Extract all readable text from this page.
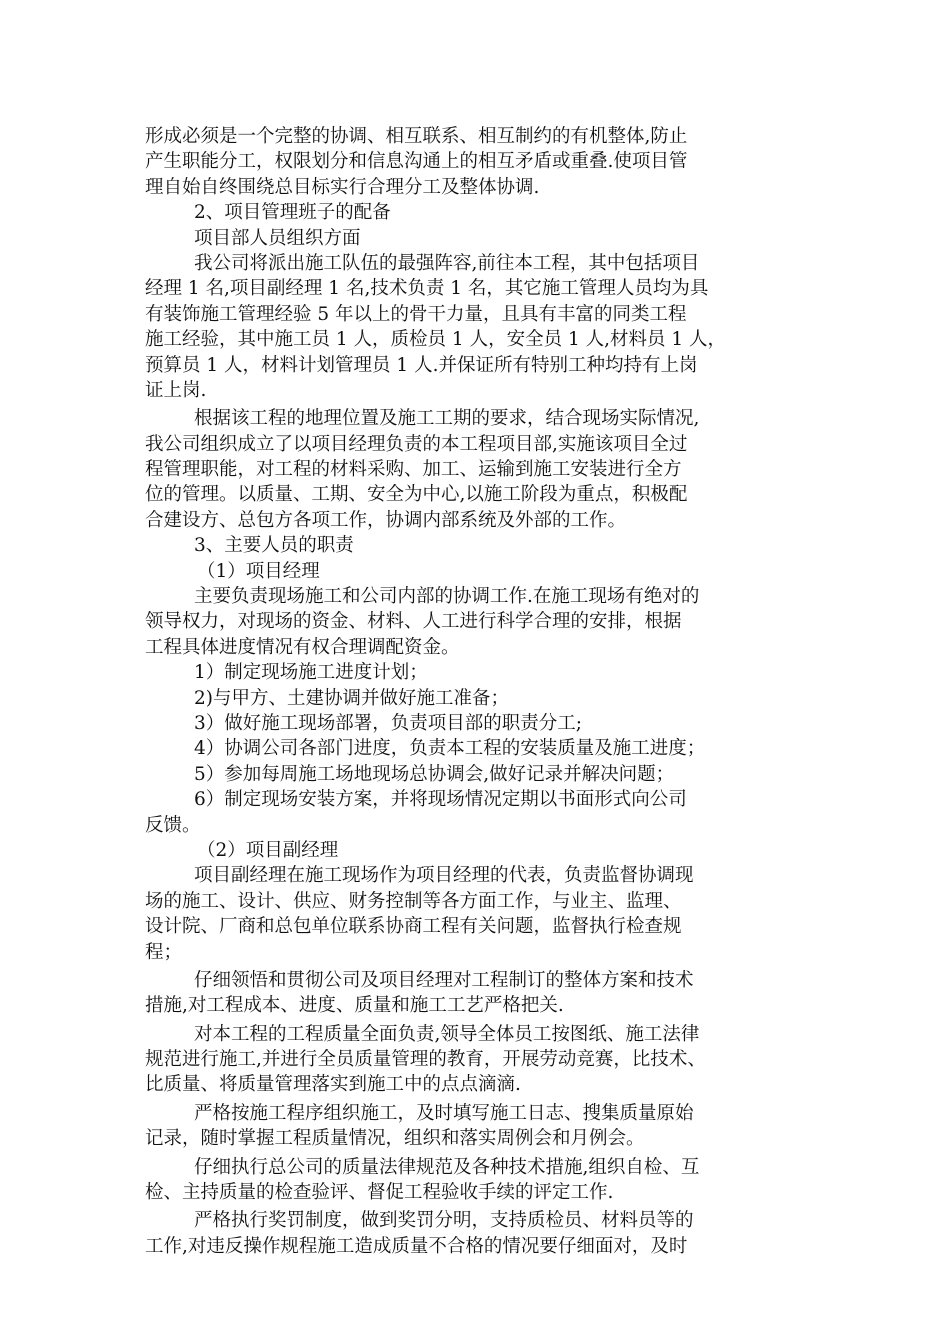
形成必须是一个完整的协调、相互联系、相互制约的有机整体,防止
产生职能分工，权限划分和信息沟通上的相互矛盾或重叠.使项目管
理自始自终围绕总目标实行合理分工及整体协调.
2、项目管理班子的配备
项目部人员组织方面
我公司将派出施工队伍的最强阵容,前往本工程，其中包括项目
经理 1 名,项目副经理 1 名,技术负责 1 名，其它施工管理人员均为具
有装饰施工管理经验 5 年以上的骨干力量，且具有丰富的同类工程
施工经验，其中施工员 1 人，质检员 1 人，安全员 1 人,材料员 1 人，
预算员 1 人，材料计划管理员 1 人.并保证所有特别工种均持有上岗
证上岗.
根据该工程的地理位置及施工工期的要求，结合现场实际情况,
我公司组织成立了以项目经理负责的本工程项目部,实施该项目全过
程管理职能，对工程的材料采购、加工、运输到施工安装进行全方
位的管理。以质量、工期、安全为中心,以施工阶段为重点，积极配
合建设方、总包方各项工作，协调内部系统及外部的工作。
3、主要人员的职责
（1）项目经理
主要负责现场施工和公司内部的协调工作.在施工现场有绝对的
领导权力，对现场的资金、材料、人工进行科学合理的安排，根据
工程具体进度情况有权合理调配资金。
1）制定现场施工进度计划；
2)与甲方、土建协调并做好施工准备；
3）做好施工现场部署，负责项目部的职责分工;
4）协调公司各部门进度，负责本工程的安装质量及施工进度；
5）参加每周施工场地现场总协调会,做好记录并解决问题；
6）制定现场安装方案，并将现场情况定期以书面形式向公司
反馈。
（2）项目副经理
项目副经理在施工现场作为项目经理的代表，负责监督协调现
场的施工、设计、供应、财务控制等各方面工作，与业主、监理、
设计院、厂商和总包单位联系协商工程有关问题，监督执行检查规
程；
仔细领悟和贯彻公司及项目经理对工程制订的整体方案和技术
措施,对工程成本、进度、质量和施工工艺严格把关.
对本工程的工程质量全面负责,领导全体员工按图纸、施工法律
规范进行施工,并进行全员质量管理的教育，开展劳动竞赛，比技术、
比质量、将质量管理落实到施工中的点点滴滴.
严格按施工程序组织施工，及时填写施工日志、搜集质量原始
记录，随时掌握工程质量情况，组织和落实周例会和月例会。
仔细执行总公司的质量法律规范及各种技术措施,组织自检、互
检、主持质量的检查验评、督促工程验收手续的评定工作.
严格执行奖罚制度，做到奖罚分明，支持质检员、材料员等的
工作,对违反操作规程施工造成质量不合格的情况要仔细面对，及时
